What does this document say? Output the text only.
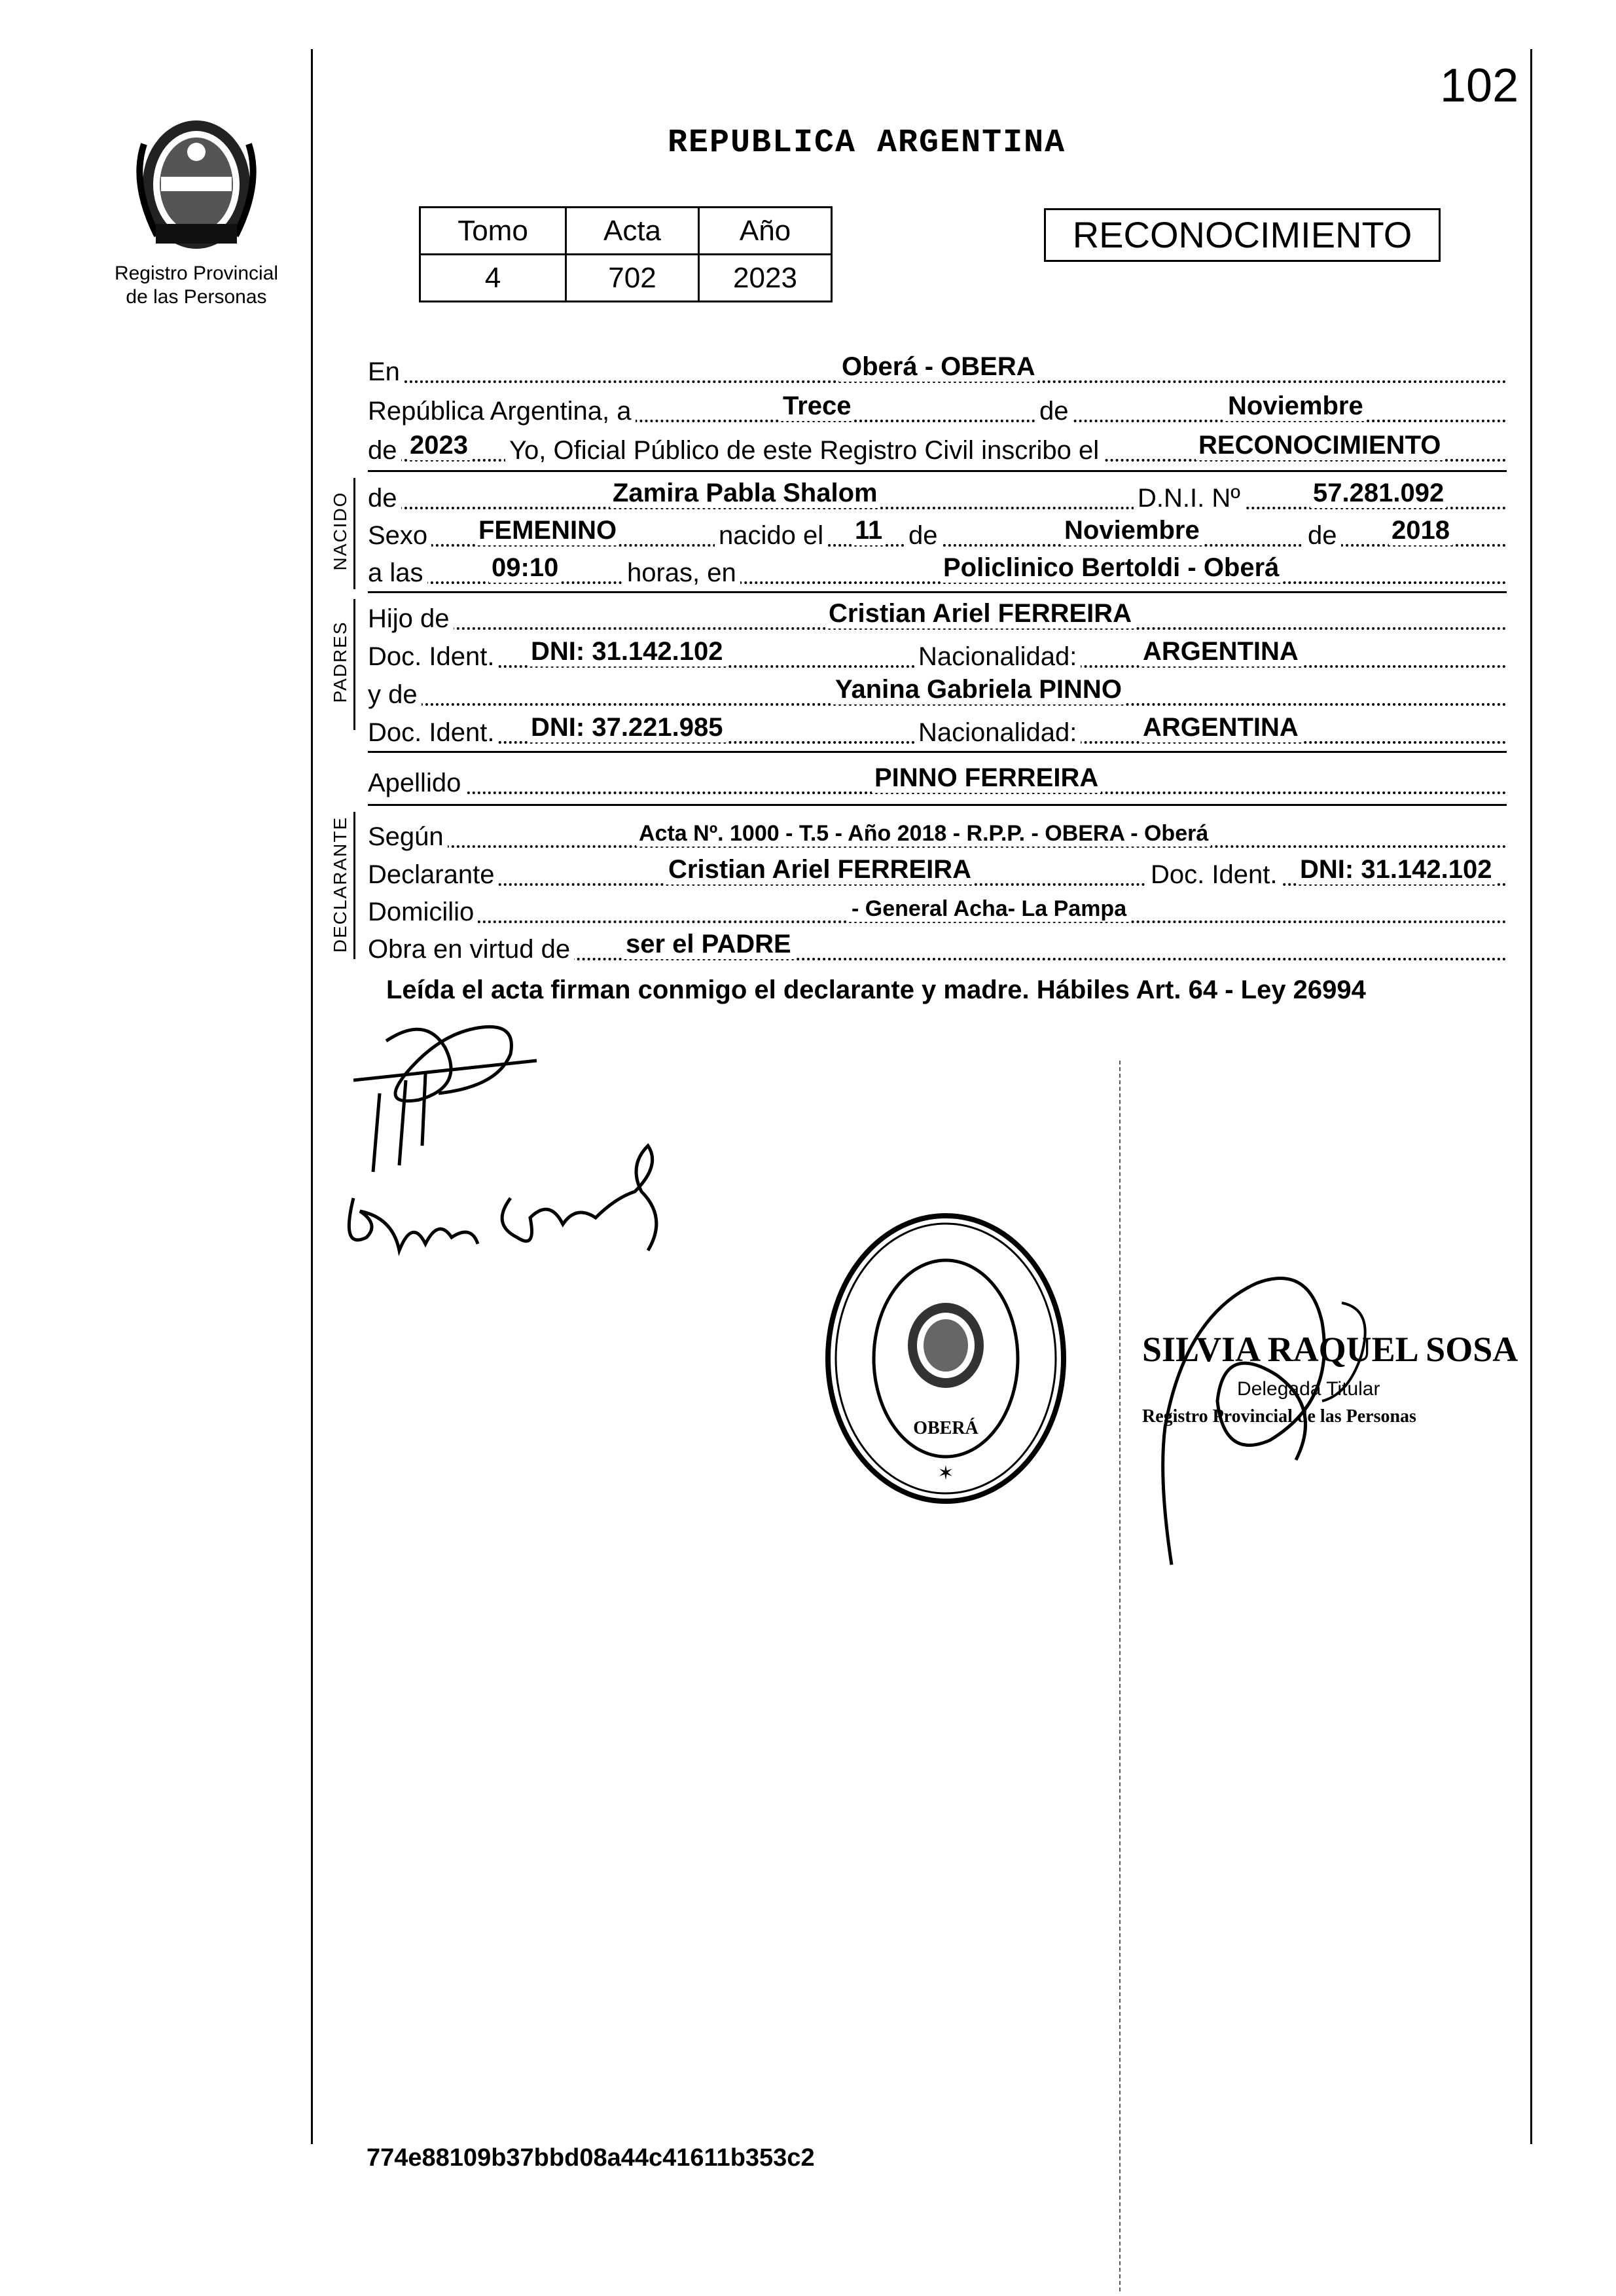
102
Registro Provincial
de las Personas
REPUBLICA ARGENTINA
Tomo	Acta	Año
4	702	2023
RECONOCIMIENTO
NACIDO
PADRES
DECLARANTE
En	Oberá - OBERA
República Argentina, a	Trece	de	Noviembre
de 2023 Yo, Oficial Público de este Registro Civil inscribo el	RECONOCIMIENTO
de	Zamira Pabla Shalom	D.N.I. Nº	57.281.092
Sexo FEMENINO	nacido el 11 de	Noviembre	de 2018
a las	09:10	horas, en	Policlinico Bertoldi - Oberá
Hijo de	Cristian Ariel FERREIRA
Doc. Ident. DNI: 31.142.102	Nacionalidad:	ARGENTINA
y de	Yanina Gabriela PINNO
Doc. Ident. DNI: 37.221.985	Nacionalidad:	ARGENTINA
Apellido	PINNO FERREIRA
Según	Acta Nº. 1000 - T.5 - Año 2018 - R.P.P. - OBERA - Oberá
Declarante	Cristian Ariel FERREIRA	Doc. Ident. DNI: 31.142.102
Domicilio	- General Acha- La Pampa
Obra en virtud de ser el PADRE
Leída el acta firman conmigo el declarante y madre. Hábiles Art. 64 - Ley 26994
OBERÁ
✶
SILVIA RAQUEL SOSA
Delegada Titular
Registro Provincial de las Personas
774e88109b37bbd08a44c41611b353c2
